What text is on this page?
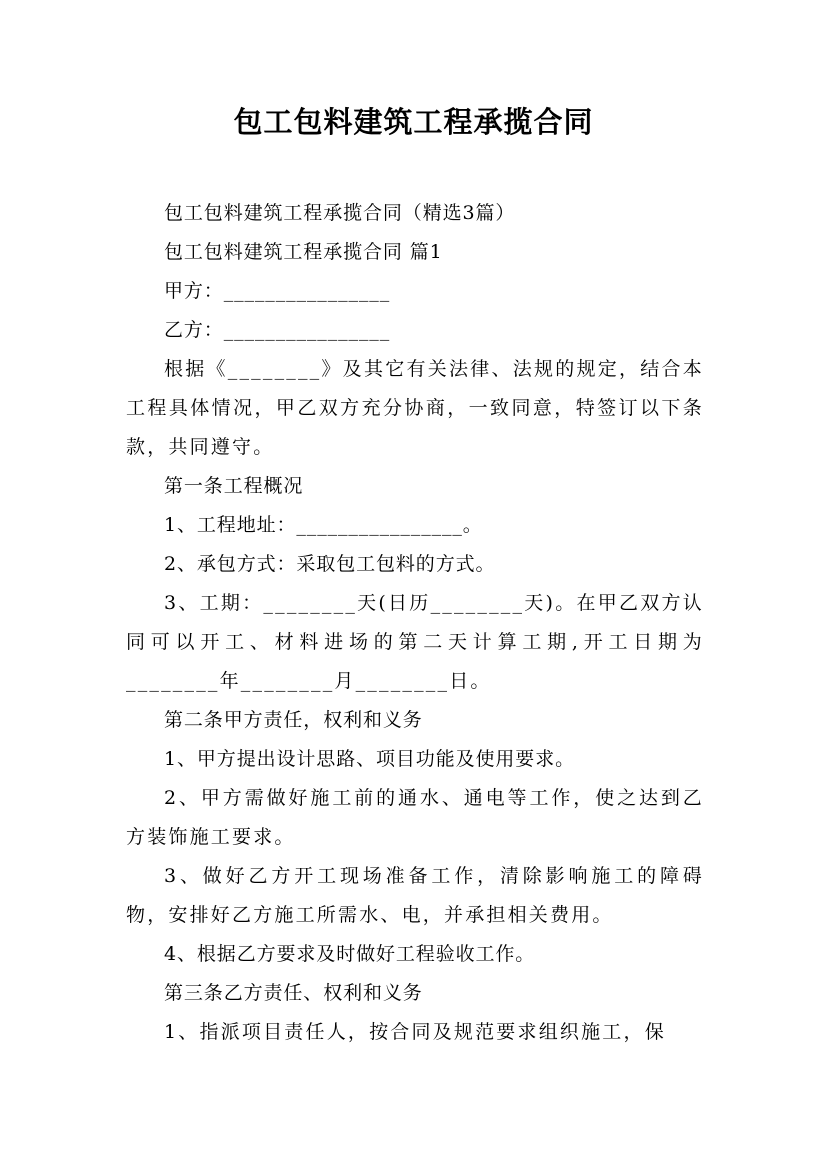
包工包料建筑工程承揽合同

包工包料建筑工程承揽合同（精选3篇）

包工包料建筑工程承揽合同 篇1

甲方：________________

乙方：________________

根据《________》及其它有关法律、法规的规定，结合本工程具体情况，甲乙双方充分协商，一致同意，特签订以下条款，共同遵守。

第一条工程概况

1、工程地址：________________。

2、承包方式：采取包工包料的方式。

3、工期：________天(日历________天)。在甲乙双方认同可以开工、材料进场的第二天计算工期,开工日期为________年________月________日。

第二条甲方责任，权利和义务

1、甲方提出设计思路、项目功能及使用要求。

2、甲方需做好施工前的通水、通电等工作，使之达到乙方装饰施工要求。

3、做好乙方开工现场准备工作，清除影响施工的障碍物，安排好乙方施工所需水、电，并承担相关费用。

4、根据乙方要求及时做好工程验收工作。

第三条乙方责任、权利和义务

1、指派项目责任人，按合同及规范要求组织施工，保
